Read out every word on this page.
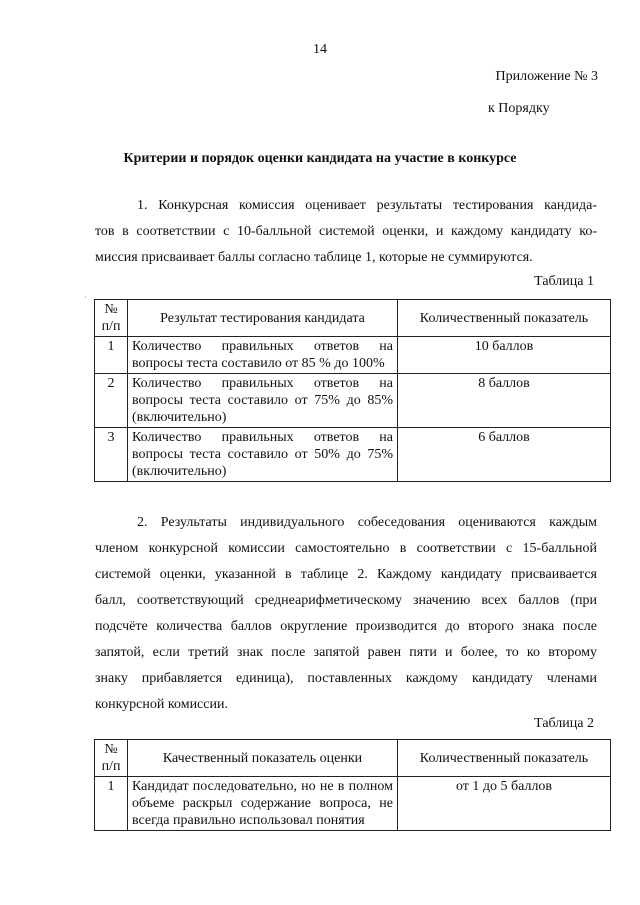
14
Приложение № 3
к Порядку
Критерии и порядок оценки кандидата на участие в конкурсе
1. Конкурсная комиссия оценивает результаты тестирования кандида-
тов в соответствии с 10-балльной системой оценки, и каждому кандидату ко-
миссия присваивает баллы согласно таблице 1, которые не суммируются.
Таблица 1
·
№ п/п	Результат тестирования кандидата	Количественный показатель
1	Количество правильных ответов на вопросы теста составило от 85 % до 100%	10 баллов
2	Количество правильных ответов на вопросы теста составило от 75% до 85% (включительно)	8 баллов
3	Количество правильных ответов на вопросы теста составило от 50% до 75% (включительно)	6 баллов
2. Результаты индивидуального собеседования оцениваются каждым
членом конкурсной комиссии самостоятельно в соответствии с 15-балльной
системой оценки, указанной в таблице 2. Каждому кандидату присваивается
балл, соответствующий среднеарифметическому значению всех баллов (при
подсчёте количества баллов округление производится до второго знака после
запятой, если третий знак после запятой равен пяти и более, то ко второму
знаку прибавляется единица), поставленных каждому кандидату членами
конкурсной комиссии.
Таблица 2
№ п/п	Качественный показатель оценки	Количественный показатель
1	Кандидат последовательно, но не в полном объеме раскрыл содержание вопроса, не всегда правильно использовал понятия	от 1 до 5 баллов
